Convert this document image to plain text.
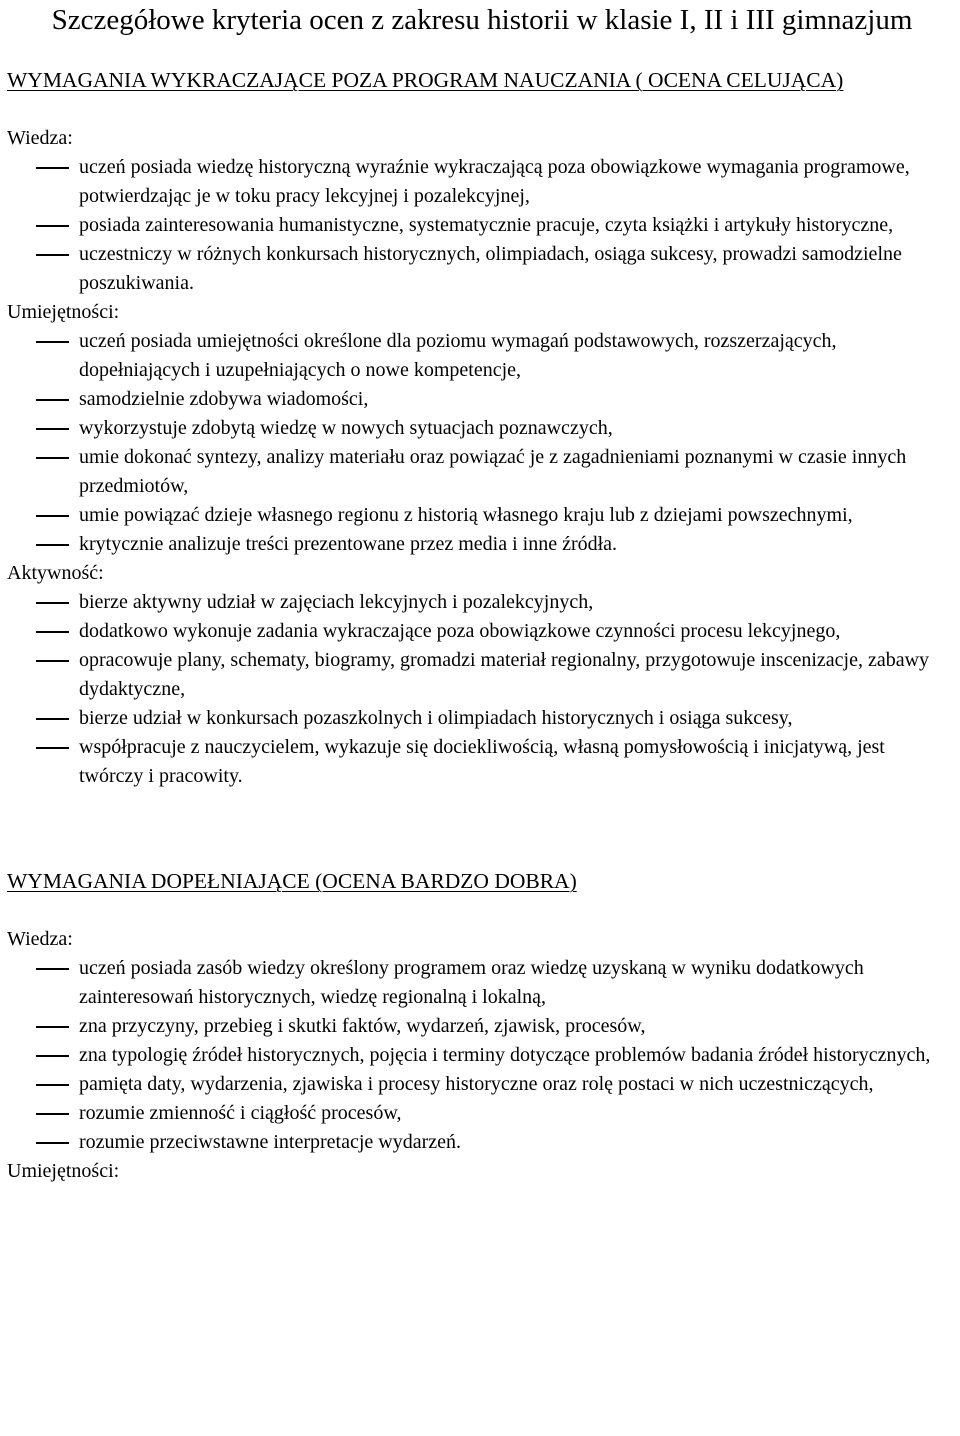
Szczegółowe kryteria ocen z zakresu historii w klasie I, II i III gimnazjum
WYMAGANIA WYKRACZAJĄCE POZA PROGRAM NAUCZANIA ( OCENA CELUJĄCA)

Wiedza:

uczeń posiada wiedzę historyczną wyraźnie wykraczającą poza obowiązkowe wymagania programowe, potwierdzając je w toku pracy lekcyjnej i pozalekcyjnej,
posiada zainteresowania humanistyczne, systematycznie pracuje, czyta książki i artykuły historyczne,
uczestniczy w różnych konkursach historycznych, olimpiadach, osiąga sukcesy, prowadzi samodzielne poszukiwania.

Umiejętności:

uczeń posiada umiejętności określone dla poziomu wymagań podstawowych, rozszerzających, dopełniających i uzupełniających o nowe kompetencje,
samodzielnie zdobywa wiadomości,
wykorzystuje zdobytą wiedzę w nowych sytuacjach poznawczych,
umie dokonać syntezy, analizy materiału oraz powiązać je z zagadnieniami poznanymi w czasie innych przedmiotów,
umie powiązać dzieje własnego regionu z historią własnego kraju lub z dziejami powszechnymi,
krytycznie analizuje treści prezentowane przez media i inne źródła.

Aktywność:

bierze aktywny udział w zajęciach lekcyjnych i pozalekcyjnych,
dodatkowo wykonuje zadania wykraczające poza obowiązkowe czynności procesu lekcyjnego,
opracowuje plany, schematy, biogramy, gromadzi materiał regionalny, przygotowuje inscenizacje, zabawy dydaktyczne,
bierze udział w konkursach pozaszkolnych i olimpiadach historycznych i osiąga sukcesy,
współpracuje z nauczycielem, wykazuje się dociekliwością, własną pomysłowością i inicjatywą, jest twórczy i pracowity.
WYMAGANIA DOPEŁNIAJĄCE (OCENA BARDZO DOBRA)

Wiedza:

uczeń posiada zasób wiedzy określony programem oraz wiedzę uzyskaną w wyniku dodatkowych zainteresowań historycznych, wiedzę regionalną i lokalną,
zna przyczyny, przebieg i skutki faktów, wydarzeń, zjawisk, procesów,
zna typologię źródeł historycznych, pojęcia i terminy dotyczące problemów badania źródeł historycznych,
pamięta daty, wydarzenia, zjawiska i procesy historyczne oraz rolę postaci w nich uczestniczących,
rozumie zmienność i ciągłość procesów,
rozumie przeciwstawne interpretacje wydarzeń.

Umiejętności:
